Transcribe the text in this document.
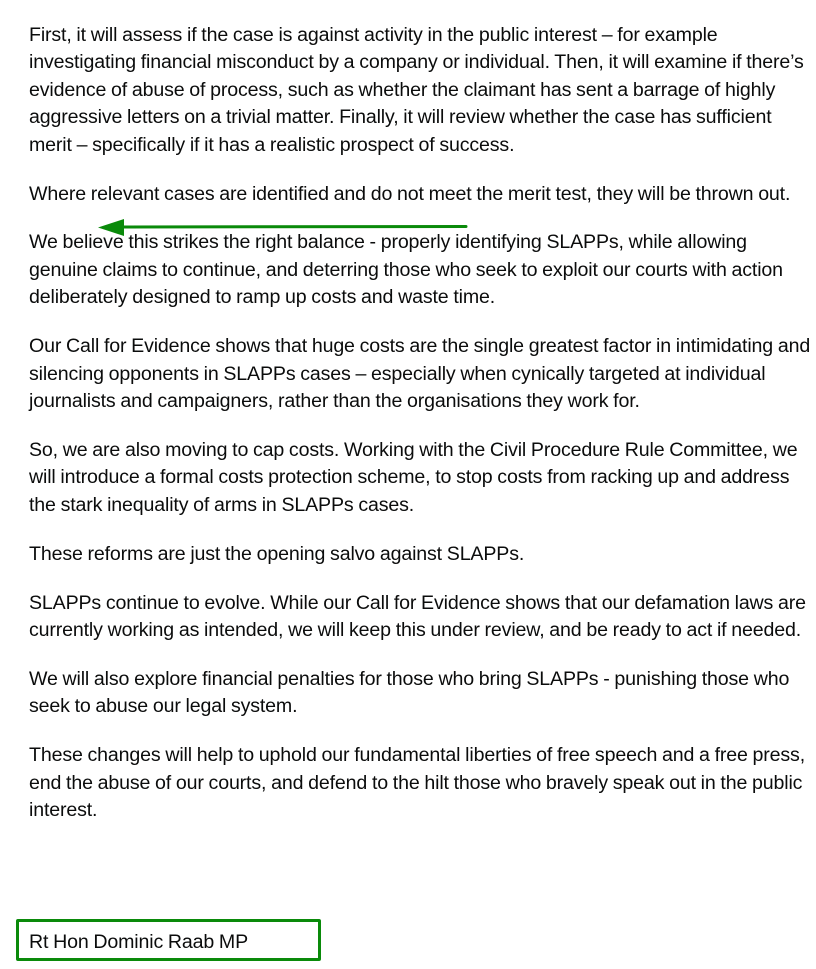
First, it will assess if the case is against activity in the public interest – for example investigating financial misconduct by a company or individual. Then, it will examine if there’s evidence of abuse of process, such as whether the claimant has sent a barrage of highly aggressive letters on a trivial matter. Finally, it will review whether the case has sufficient merit – specifically if it has a realistic prospect of success.

Where relevant cases are identified and do not meet the merit test, they will be thrown out.

We believe this strikes the right balance - properly identifying SLAPPs, while allowing genuine claims to continue, and deterring those who seek to exploit our courts with action deliberately designed to ramp up costs and waste time.

Our Call for Evidence shows that huge costs are the single greatest factor in intimidating and silencing opponents in SLAPPs cases – especially when cynically targeted at individual journalists and campaigners, rather than the organisations they work for.

So, we are also moving to cap costs. Working with the Civil Procedure Rule Committee, we will introduce a formal costs protection scheme, to stop costs from racking up and address the stark inequality of arms in SLAPPs cases.

These reforms are just the opening salvo against SLAPPs.

SLAPPs continue to evolve. While our Call for Evidence shows that our defamation laws are currently working as intended, we will keep this under review, and be ready to act if needed.

We will also explore financial penalties for those who bring SLAPPs - punishing those who seek to abuse our legal system.

These changes will help to uphold our fundamental liberties of free speech and a free press, end the abuse of our courts, and defend to the hilt those who bravely speak out in the public interest.

Rt Hon Dominic Raab MP
